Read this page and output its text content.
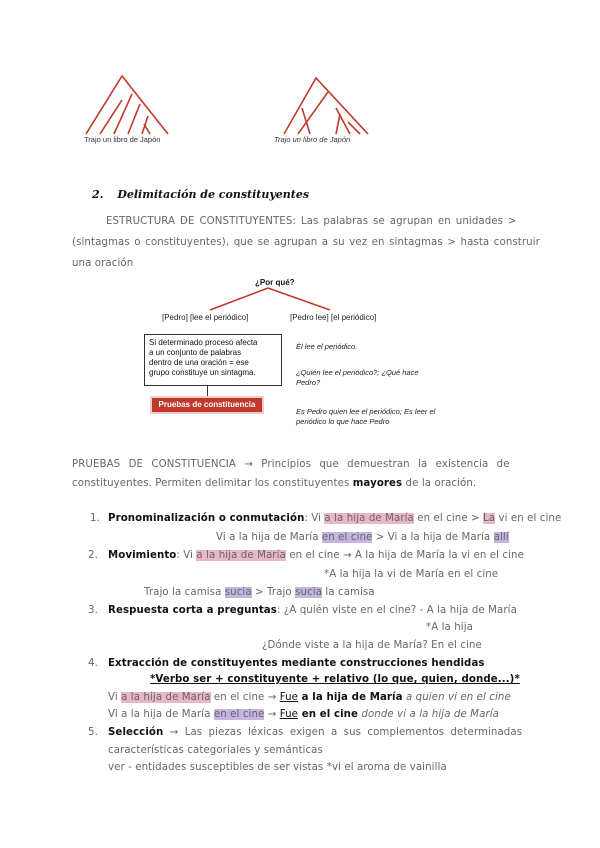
Trajo un libro de Japón	Trajo un libro de Japón
2. Delimitación de constituyentes
ESTRUCTURA DE CONSTITUYENTES: Las palabras se agrupan en unidades >
(sintagmas o constituyentes), que se agrupan a su vez en sintagmas > hasta construir
una oración
¿Por qué?
[Pedro] [lee el periódico]	[Pedro lee] [el periódico]
Si determinado proceso afecta
a un conjunto de palabras
dentro de una oración = ese
grupo constituye un sintagma.
Pruebas de constituencia
Él lee el periódico.
¿Quién lee el periódico?; ¿Qué hace
Pedro?
Es Pedro quien lee el periódico; Es leer el
periódico lo que hace Pedro
PRUEBAS DE CONSTITUENCIA → Principios que demuestran la existencia de
constituyentes. Permiten delimitar los constituyentes mayores de la oración.
1. Pronominalización o conmutación: Vi a la hija de María en el cine > La vi en el cine
Vi a la hija de María en el cine > Vi a la hija de María allí
2. Movimiento: Vi a la hija de María en el cine → A la hija de María la vi en el cine
*A la hija la vi de María en el cine
Trajo la camisa sucia > Trajo sucia la camisa
3. Respuesta corta a preguntas: ¿A quién viste en el cine? - A la hija de María
*A la hija
¿Dónde viste a la hija de María? En el cine
4. Extracción de constituyentes mediante construcciones hendidas
*Verbo ser + constituyente + relativo (lo que, quien, donde...)*
Vi a la hija de María en el cine → Fue a la hija de María a quien vi en el cine
Vi a la hija de María en el cine → Fue en el cine donde vi a la hija de María
5. Selección → Las piezas léxicas exigen a sus complementos determinadas
características categoriales y semánticas
ver - entidades susceptibles de ser vistas *vi el aroma de vainilla
